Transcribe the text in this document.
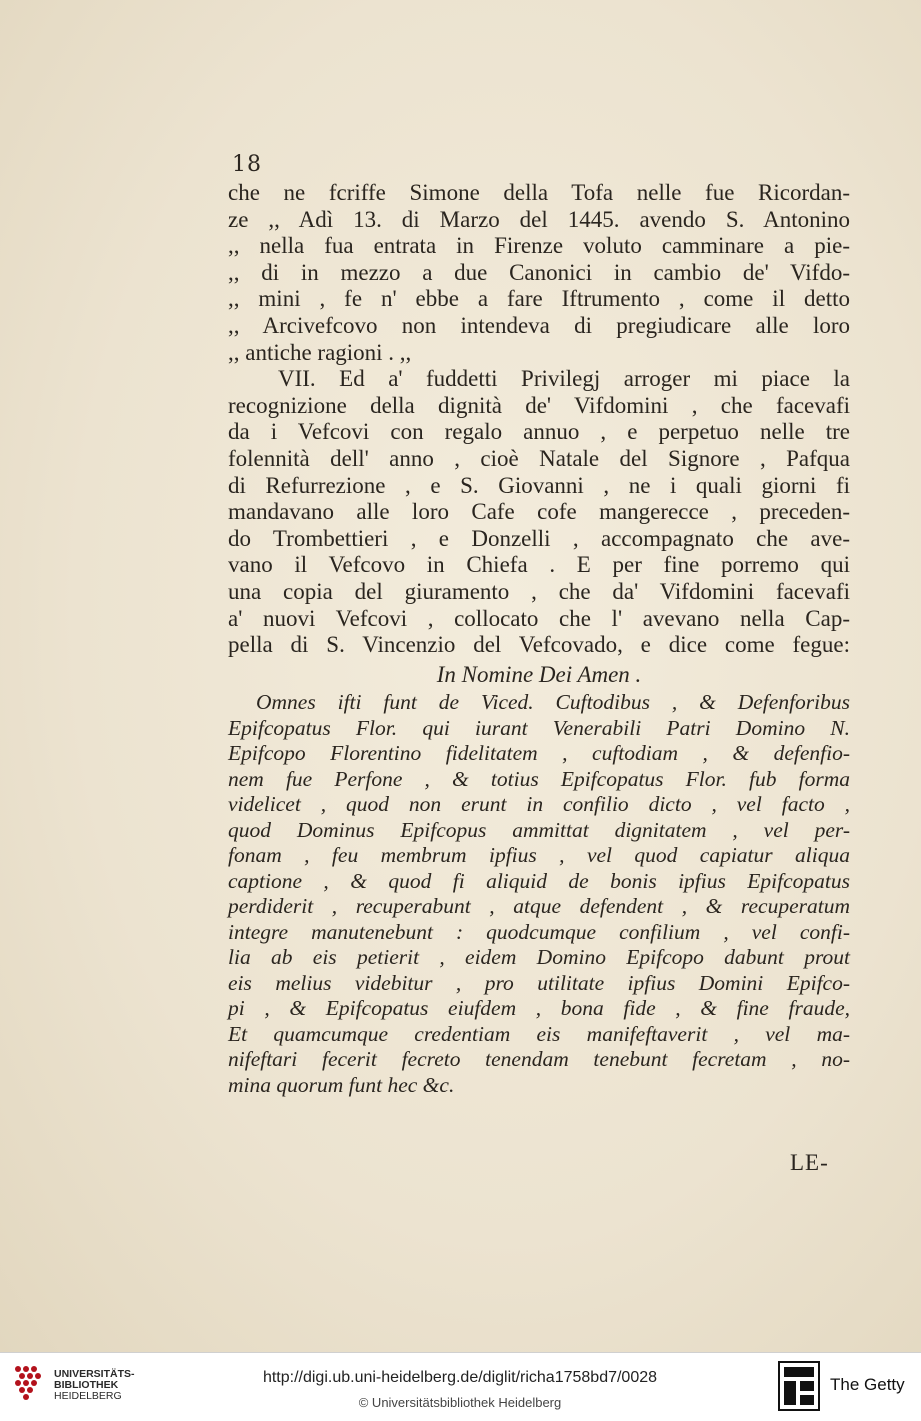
18
che ne fcriffe Simone della Tofa nelle fue Ricordan-
ze ,, Adì 13. di Marzo del 1445. avendo S. Antonino
,, nella fua entrata in Firenze voluto camminare a pie-
,, di in mezzo a due Canonici in cambio de' Vifdo-
,, mini , fe n' ebbe a fare Iftrumento , come il detto
,, Arcivefcovo non intendeva di pregiudicare alle loro
,, antiche ragioni . ,,
VII. Ed a' fuddetti Privilegj arroger mi piace la
recognizione della dignità de' Vifdomini , che facevafi
da i Vefcovi con regalo annuo , e perpetuo nelle tre
folennità dell' anno , cioè Natale del Signore , Pafqua
di Refurrezione , e S. Giovanni , ne i quali giorni fi
mandavano alle loro Cafe cofe mangerecce , preceden-
do Trombettieri , e Donzelli , accompagnato che ave-
vano il Vefcovo in Chiefa . E per fine porremo qui
una copia del giuramento , che da' Vifdomini facevafi
a' nuovi Vefcovi , collocato che l' avevano nella Cap-
pella di S. Vincenzio del Vefcovado, e dice come fegue:
In Nomine Dei Amen .
Omnes ifti funt de Viced. Cuftodibus , & Defenforibus
Epifcopatus Flor. qui iurant Venerabili Patri Domino N.
Epifcopo Florentino fidelitatem , cuftodiam , & defenfio-
nem fue Perfone , & totius Epifcopatus Flor. fub forma
videlicet , quod non erunt in confilio dicto , vel facto ,
quod Dominus Epifcopus ammittat dignitatem , vel per-
fonam , feu membrum ipfius , vel quod capiatur aliqua
captione , & quod fi aliquid de bonis ipfius Epifcopatus
perdiderit , recuperabunt , atque defendent , & recuperatum
integre manutenebunt : quodcumque confilium , vel confi-
lia ab eis petierit , eidem Domino Epifcopo dabunt prout
eis melius videbitur , pro utilitate ipfius Domini Epifco-
pi , & Epifcopatus eiufdem , bona fide , & fine fraude,
Et quamcumque credentiam eis manifeftaverit , vel ma-
nifeftari fecerit fecreto tenendam tenebunt fecretam , no-
mina quorum funt hec &c.
LE-
UNIVERSITÄTS-
BIBLIOTHEK
HEIDELBERG
http://digi.ub.uni-heidelberg.de/diglit/richa1758bd7/0028
© Universitätsbibliothek Heidelberg
The Getty
